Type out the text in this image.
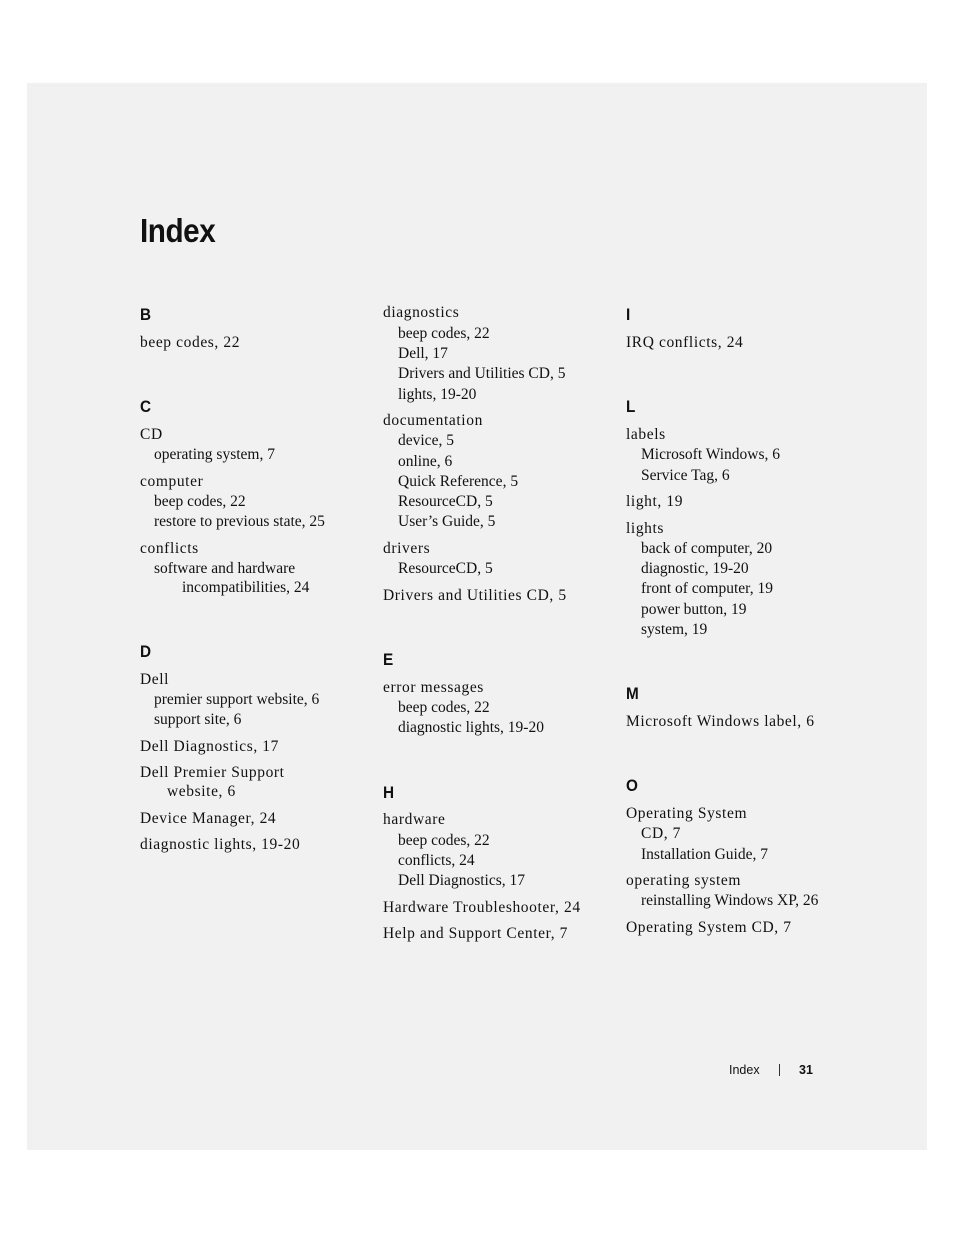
Index
B
beep codes, 22
C
CD
operating system, 7
computer
beep codes, 22
restore to previous state, 25
conflicts
software and hardware
incompatibilities, 24
D
Dell
premier support website, 6
support site, 6
Dell Diagnostics, 17
Dell Premier Support
website, 6
Device Manager, 24
diagnostic lights, 19-20
diagnostics
beep codes, 22
Dell, 17
Drivers and Utilities CD, 5
lights, 19-20
documentation
device, 5
online, 6
Quick Reference, 5
ResourceCD, 5
User’s Guide, 5
drivers
ResourceCD, 5
Drivers and Utilities CD, 5
E
error messages
beep codes, 22
diagnostic lights, 19-20
H
hardware
beep codes, 22
conflicts, 24
Dell Diagnostics, 17
Hardware Troubleshooter, 24
Help and Support Center, 7
I
IRQ conflicts, 24
L
labels
Microsoft Windows, 6
Service Tag, 6
light, 19
lights
back of computer, 20
diagnostic, 19-20
front of computer, 19
power button, 19
system, 19
M
Microsoft Windows label, 6
O
Operating System
CD, 7
Installation Guide, 7
operating system
reinstalling Windows XP, 26
Operating System CD, 7
Index	31
